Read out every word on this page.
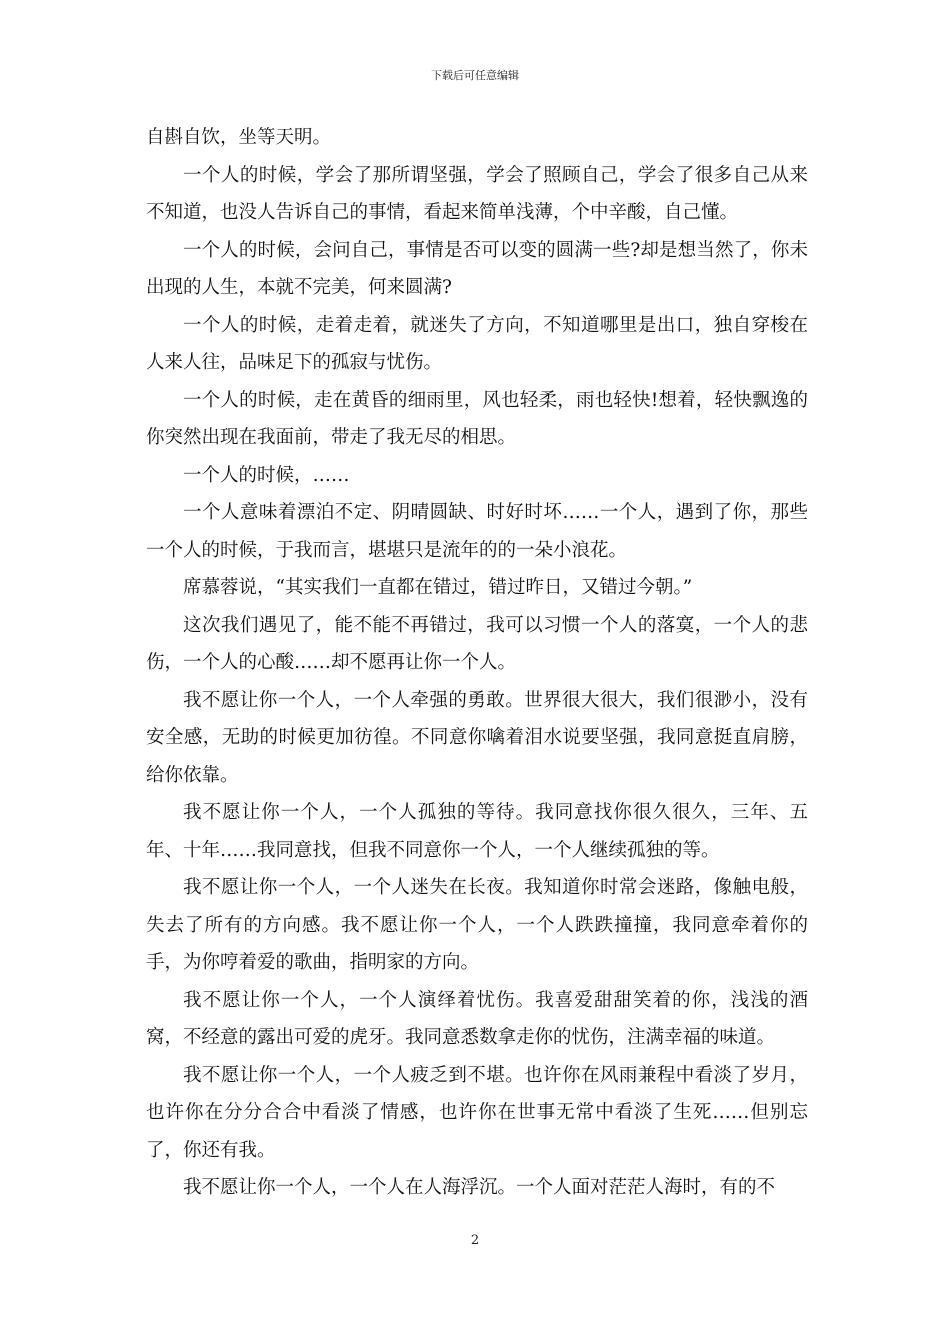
下载后可任意编辑

自斟自饮，坐等天明。

一个人的时候，学会了那所谓坚强，学会了照顾自己，学会了很多自己从来不知道，也没人告诉自己的事情，看起来简单浅薄，个中辛酸，自己懂。

一个人的时候，会问自己，事情是否可以变的圆满一些?却是想当然了，你未出现的人生，本就不完美，何来圆满?

一个人的时候，走着走着，就迷失了方向，不知道哪里是出口，独自穿梭在人来人往，品味足下的孤寂与忧伤。

一个人的时候，走在黄昏的细雨里，风也轻柔，雨也轻快!想着，轻快飘逸的你突然出现在我面前，带走了我无尽的相思。

一个人的时候，……

一个人意味着漂泊不定、阴晴圆缺、时好时坏……一个人，遇到了你，那些一个人的时候，于我而言，堪堪只是流年的的一朵小浪花。

席慕蓉说，“其实我们一直都在错过，错过昨日，又错过今朝。”

这次我们遇见了，能不能不再错过，我可以习惯一个人的落寞，一个人的悲伤，一个人的心酸……却不愿再让你一个人。

我不愿让你一个人，一个人牵强的勇敢。世界很大很大，我们很渺小，没有安全感，无助的时候更加彷徨。不同意你噙着泪水说要坚强，我同意挺直肩膀，给你依靠。

我不愿让你一个人，一个人孤独的等待。我同意找你很久很久，三年、五年、十年……我同意找，但我不同意你一个人，一个人继续孤独的等。

我不愿让你一个人，一个人迷失在长夜。我知道你时常会迷路，像触电般，失去了所有的方向感。我不愿让你一个人，一个人跌跌撞撞，我同意牵着你的手，为你哼着爱的歌曲，指明家的方向。

我不愿让你一个人，一个人演绎着忧伤。我喜爱甜甜笑着的你，浅浅的酒窝，不经意的露出可爱的虎牙。我同意悉数拿走你的忧伤，注满幸福的味道。

我不愿让你一个人，一个人疲乏到不堪。也许你在风雨兼程中看淡了岁月，也许你在分分合合中看淡了情感，也许你在世事无常中看淡了生死……但别忘了，你还有我。

我不愿让你一个人，一个人在人海浮沉。一个人面对茫茫人海时，有的不

2
